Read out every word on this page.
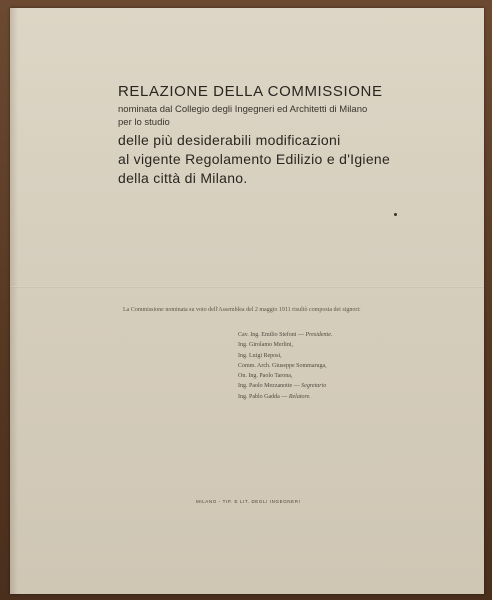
RELAZIONE DELLA COMMISSIONE

nominata dal Collegio degli Ingegneri ed Architetti di Milano

per lo studio

delle più desiderabili modificazioni

al vigente Regolamento Edilizio e d'Igiene

della città di Milano.

La Commissione nominata su voto dell'Assemblea del 2 maggio 1911 risultò composta dei signori:
Cav. Ing. Emilio Stefoni — Presidente.
Ing. Girolamo Merlini,
Ing. Luigi Reposi,
Comm. Arch. Giuseppe Sommaruga,
On. Ing. Paolo Tarona,
Ing. Paolo Mezzanotte — Segretario
Ing. Pablo Gadda — Relatore.
MILANO - TIP. E LIT. DEGLI INGEGNERI
